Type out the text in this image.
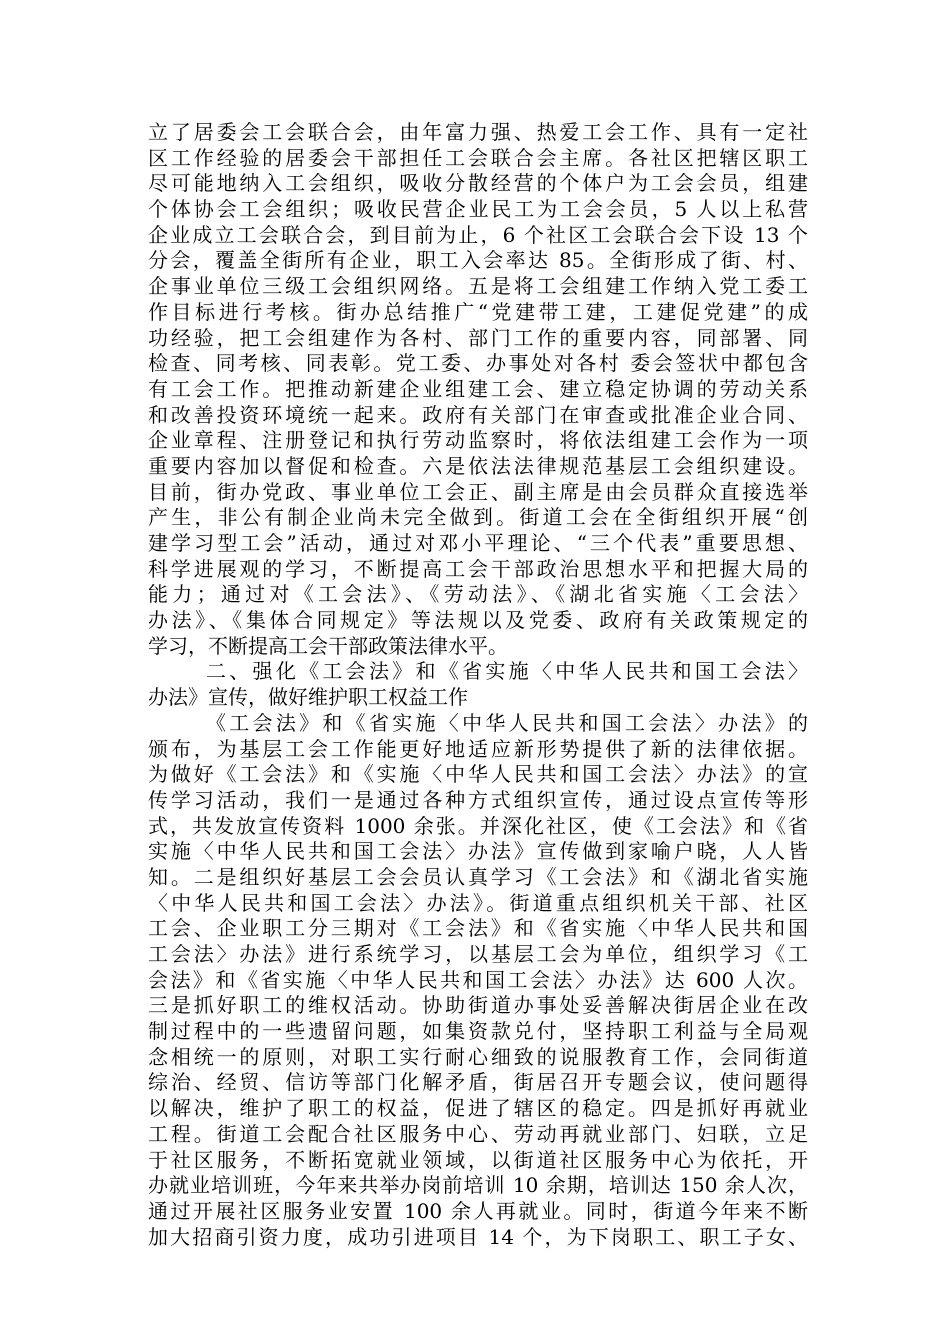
立了居委会工会联合会，由年富力强、热爱工会工作、具有一定社
区工作经验的居委会干部担任工会联合会主席。各社区把辖区职工
尽可能地纳入工会组织，吸收分散经营的个体户为工会会员，组建
个体协会工会组织；吸收民营企业民工为工会会员，5 人以上私营
企业成立工会联合会，到目前为止，6 个社区工会联合会下设 13 个
分会，覆盖全街所有企业，职工入会率达 85。全街形成了街、村、
企事业单位三级工会组织网络。五是将工会组建工作纳入党工委工
作目标进行考核。街办总结推广“党建带工建，工建促党建”的成
功经验，把工会组建作为各村、部门工作的重要内容，同部署、同
检查、同考核、同表彰。党工委、办事处对各村 委会签状中都包含
有工会工作。把推动新建企业组建工会、建立稳定协调的劳动关系
和改善投资环境统一起来。政府有关部门在审查或批准企业合同、
企业章程、注册登记和执行劳动监察时，将依法组建工会作为一项
重要内容加以督促和检查。六是依法法律规范基层工会组织建设。
目前，街办党政、事业单位工会正、副主席是由会员群众直接选举
产生，非公有制企业尚未完全做到。街道工会在全街组织开展“创
建学习型工会”活动，通过对邓小平理论、“三个代表”重要思想、
科学进展观的学习，不断提高工会干部政治思想水平和把握大局的
能力；通过对《工会法》、《劳动法》、《湖北省实施〈工会法〉
办法》、《集体合同规定》等法规以及党委、政府有关政策规定的
学习，不断提高工会干部政策法律水平。
二、强化《工会法》和《省实施〈中华人民共和国工会法〉
办法》宣传，做好维护职工权益工作
《工会法》和《省实施〈中华人民共和国工会法〉办法》的
颁布，为基层工会工作能更好地适应新形势提供了新的法律依据。
为做好《工会法》和《实施〈中华人民共和国工会法〉办法》的宣
传学习活动，我们一是通过各种方式组织宣传，通过设点宣传等形
式，共发放宣传资料 1000 余张。并深化社区，使《工会法》和《省
实施〈中华人民共和国工会法〉办法》宣传做到家喻户晓，人人皆
知。二是组织好基层工会会员认真学习《工会法》和《湖北省实施
〈中华人民共和国工会法〉办法》。街道重点组织机关干部、社区
工会、企业职工分三期对《工会法》和《省实施〈中华人民共和国
工会法〉办法》进行系统学习，以基层工会为单位，组织学习《工
会法》和《省实施〈中华人民共和国工会法〉办法》达 600 人次。
三是抓好职工的维权活动。协助街道办事处妥善解决街居企业在改
制过程中的一些遗留问题，如集资款兑付，坚持职工利益与全局观
念相统一的原则，对职工实行耐心细致的说服教育工作，会同街道
综治、经贸、信访等部门化解矛盾，街居召开专题会议，使问题得
以解决，维护了职工的权益，促进了辖区的稳定。四是抓好再就业
工程。街道工会配合社区服务中心、劳动再就业部门、妇联，立足
于社区服务，不断拓宽就业领域，以街道社区服务中心为依托，开
办就业培训班，今年来共举办岗前培训 10 余期，培训达 150 余人次，
通过开展社区服务业安置 100 余人再就业。同时，街道今年来不断
加大招商引资力度，成功引进项目 14 个，为下岗职工、职工子女、
